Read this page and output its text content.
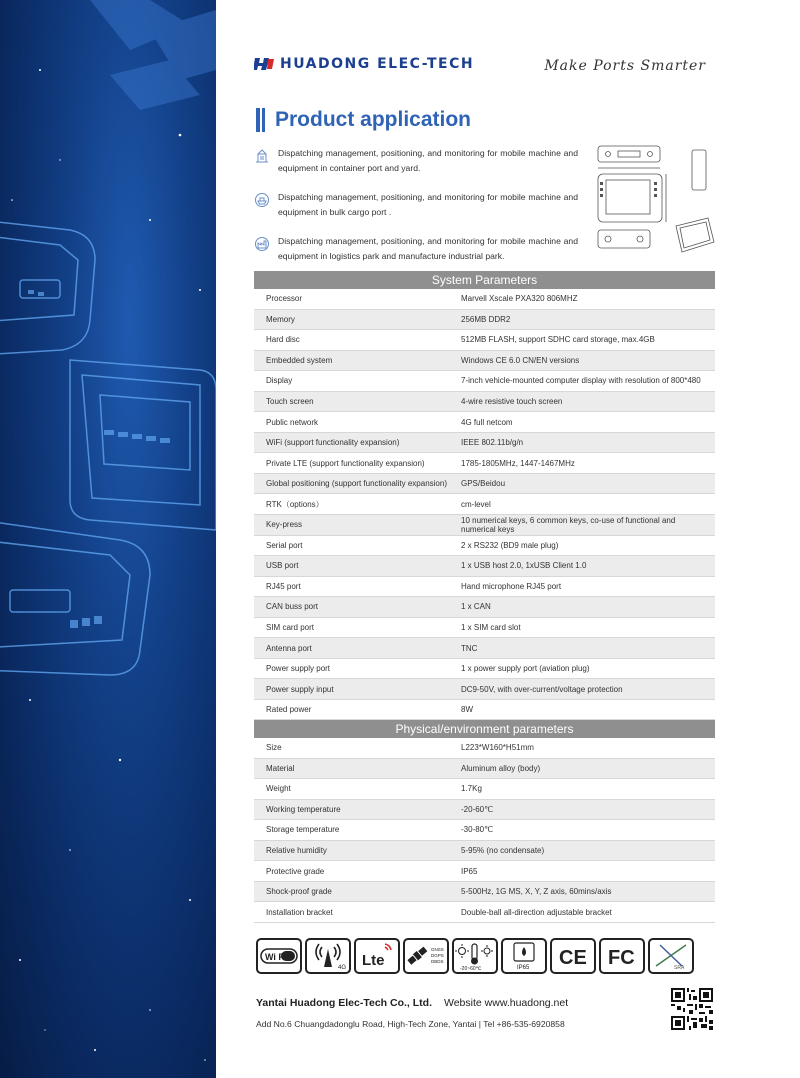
HUADONG ELEC-TECH	Make Ports Smarter
Product application
Dispatching management, positioning, and monitoring for mobile machine and equipment in container port and yard.
Dispatching management, positioning, and monitoring for mobile machine and equipment in bulk cargo port .
Dispatching management, positioning, and monitoring for mobile machine and equipment in logistics park and manufacture industrial park.
System Parameters
Processor	Marvell Xscale PXA320 806MHZ
Memory	256MB DDR2
Hard disc	512MB FLASH, support SDHC card storage, max.4GB
Embedded system	Windows CE 6.0 CN/EN versions
Display	7-inch vehicle-mounted computer display with resolution of 800*480
Touch screen	4-wire resistive touch screen
Public network	4G full netcom
WiFi (support functionality expansion)	IEEE 802.11b/g/n
Private LTE (support functionality expansion)	1785-1805MHz, 1447-1467MHz
Global positioning (support functionality expansion)	GPS/Beidou
RTK（options）	cm-level
Key-press	10 numerical keys, 6 common keys, co-use of functional and numerical keys
Serial port	2 x RS232 (BD9 male plug)
USB port	1 x USB host 2.0, 1xUSB Client 1.0
RJ45 port	Hand microphone RJ45 port
CAN buss port	1 x CAN
SIM card port	1 x SIM card slot
Antenna port	TNC
Power supply port	1 x power supply port (aviation plug)
Power supply input	DC9-50V, with over-current/voltage protection
Rated power	8W
Physical/environment parameters
Size	L223*W160*H51mm
Material	Aluminum alloy (body)
Weight	1.7Kg
Working temperature	-20-60℃
Storage temperature	-30-80℃
Relative humidity	5-95% (no condensate)
Protective grade	IP65
Shock-proof grade	5-500Hz, 1G MS, X, Y, Z axis, 60mins/axis
Installation bracket	Double-ball all-direction adjustable bracket
Wi Fi
4G Lte
GNSS
DGPS
DBDS
-20~60℃	IP65 CE FC	SRA
Yantai Huadong Elec-Tech Co., Ltd. Website www.huadong.net
Add No.6 Chuangdadonglu Road, High-Tech Zone, Yantai | Tel +86-535-6920858
